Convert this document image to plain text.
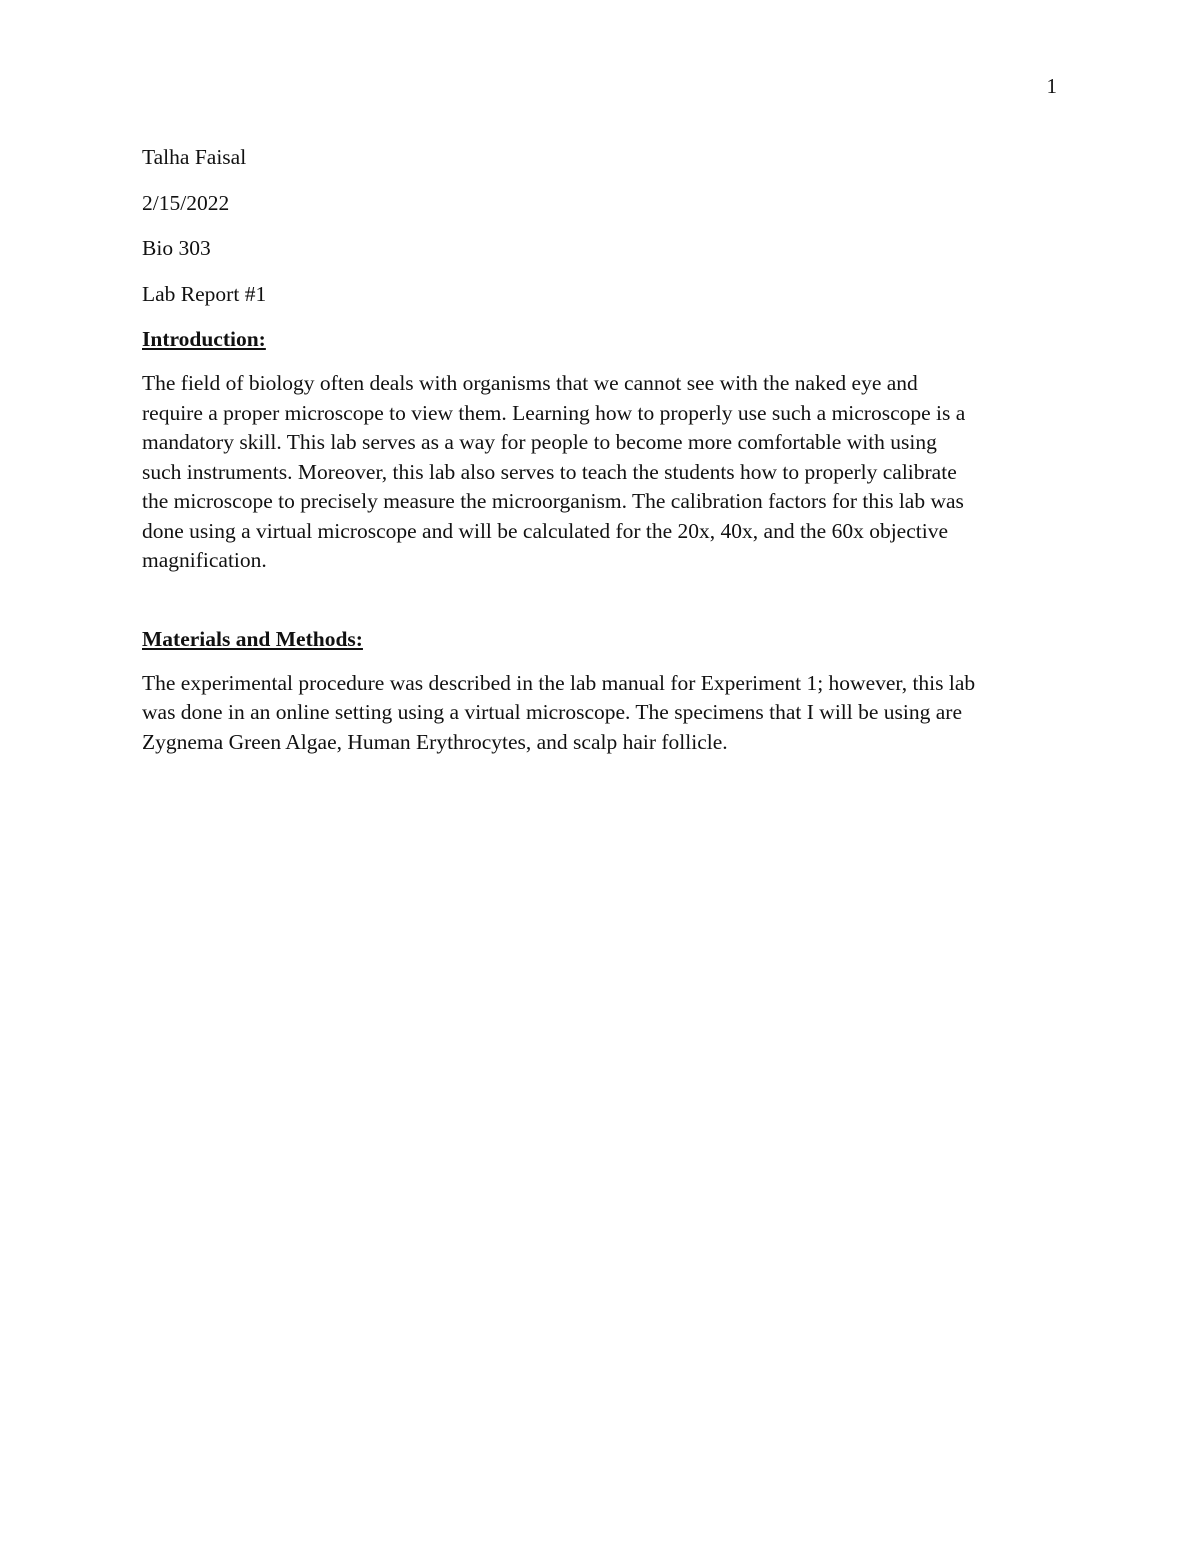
1
Talha Faisal
2/15/2022
Bio 303
Lab Report #1
Introduction:
The field of biology often deals with organisms that we cannot see with the naked eye and
require a proper microscope to view them. Learning how to properly use such a microscope is a
mandatory skill. This lab serves as a way for people to become more comfortable with using
such instruments. Moreover, this lab also serves to teach the students how to properly calibrate
the microscope to precisely measure the microorganism. The calibration factors for this lab was
done using a virtual microscope and will be calculated for the 20x, 40x, and the 60x objective
magnification.
Materials and Methods:
The experimental procedure was described in the lab manual for Experiment 1; however, this lab
was done in an online setting using a virtual microscope. The specimens that I will be using are
Zygnema Green Algae, Human Erythrocytes, and scalp hair follicle.
